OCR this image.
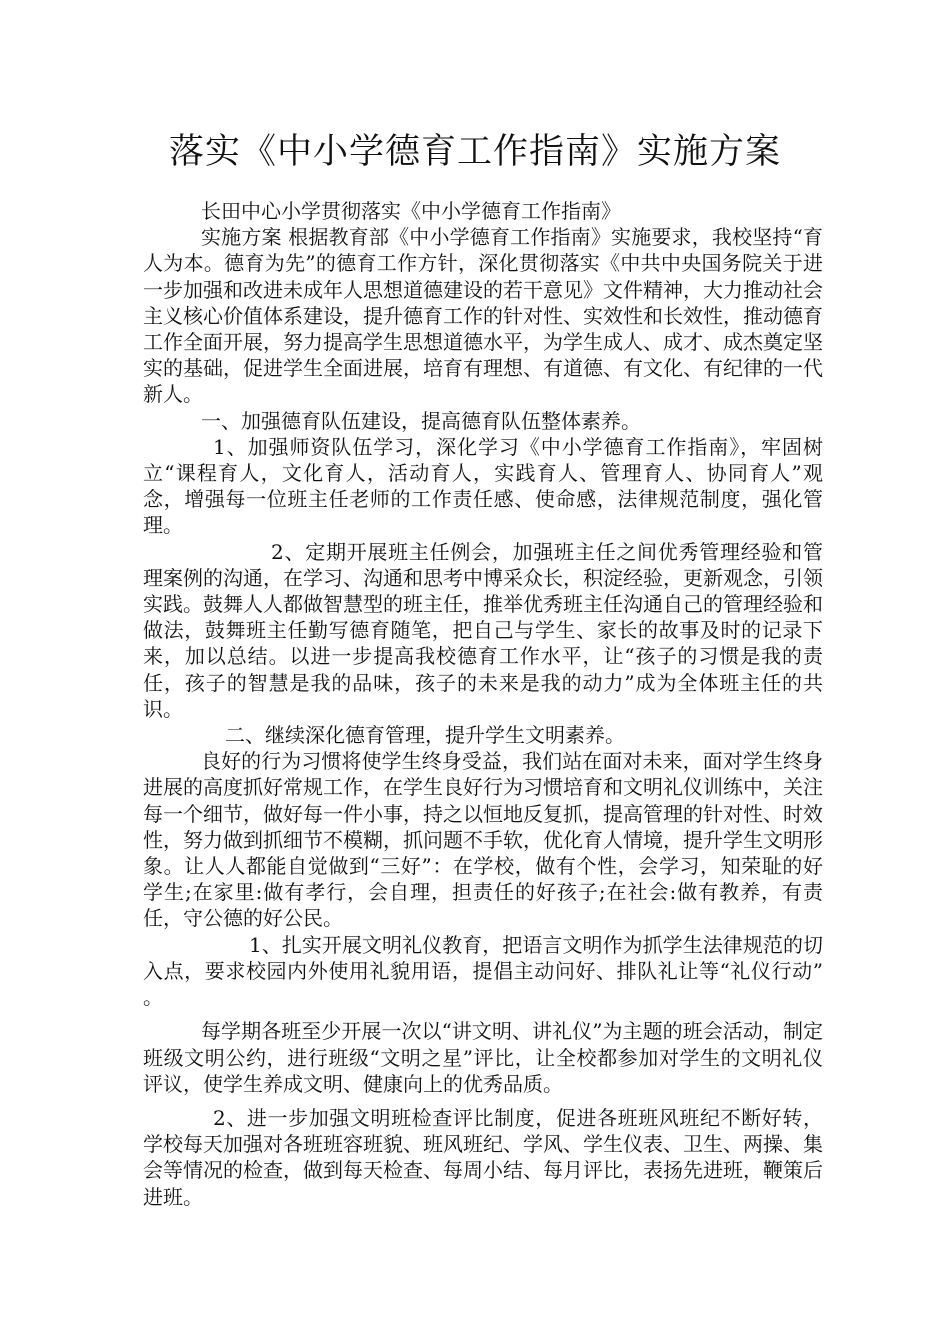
落实《中小学德育工作指南》实施方案

长田中心小学贯彻落实《中小学德育工作指南》

实施方案 根据教育部《中小学德育工作指南》实施要求，我校坚持“育人为本。德育为先”的德育工作方针，深化贯彻落实《中共中央国务院关于进一步加强和改进未成年人思想道德建设的若干意见》文件精神，大力推动社会主义核心价值体系建设，提升德育工作的针对性、实效性和长效性，推动德育工作全面开展，努力提高学生思想道德水平，为学生成人、成才、成杰奠定坚实的基础，促进学生全面进展，培育有理想、有道德、有文化、有纪律的一代新人。

一、加强德育队伍建设，提高德育队伍整体素养。

1、加强师资队伍学习，深化学习《中小学德育工作指南》，牢固树立“课程育人，文化育人，活动育人，实践育人、管理育人、协同育人”观念，增强每一位班主任老师的工作责任感、使命感，法律规范制度，强化管理。

2、定期开展班主任例会，加强班主任之间优秀管理经验和管理案例的沟通，在学习、沟通和思考中博采众长，积淀经验，更新观念，引领实践。鼓舞人人都做智慧型的班主任，推举优秀班主任沟通自己的管理经验和做法，鼓舞班主任勤写德育随笔，把自己与学生、家长的故事及时的记录下来，加以总结。以进一步提高我校德育工作水平，让“孩子的习惯是我的责任，孩子的智慧是我的品味，孩子的未来是我的动力”成为全体班主任的共识。

二、继续深化德育管理，提升学生文明素养。

良好的行为习惯将使学生终身受益，我们站在面对未来，面对学生终身进展的高度抓好常规工作，在学生良好行为习惯培育和文明礼仪训练中，关注每一个细节，做好每一件小事，持之以恒地反复抓，提高管理的针对性、时效性，努力做到抓细节不模糊，抓问题不手软，优化育人情境，提升学生文明形象。让人人都能自觉做到“三好”：在学校，做有个性，会学习，知荣耻的好学生;在家里:做有孝行，会自理，担责任的好孩子;在社会:做有教养，有责任，守公德的好公民。

1、扎实开展文明礼仪教育，把语言文明作为抓学生法律规范的切入点，要求校园内外使用礼貌用语，提倡主动问好、排队礼让等“礼仪行动” 。

每学期各班至少开展一次以“讲文明、讲礼仪”为主题的班会活动，制定班级文明公约，进行班级“文明之星”评比，让全校都参加对学生的文明礼仪评议，使学生养成文明、健康向上的优秀品质。

2、进一步加强文明班检查评比制度，促进各班班风班纪不断好转，学校每天加强对各班班容班貌、班风班纪、学风、学生仪表、卫生、两操、集会等情况的检查，做到每天检查、每周小结、每月评比，表扬先进班，鞭策后进班。
